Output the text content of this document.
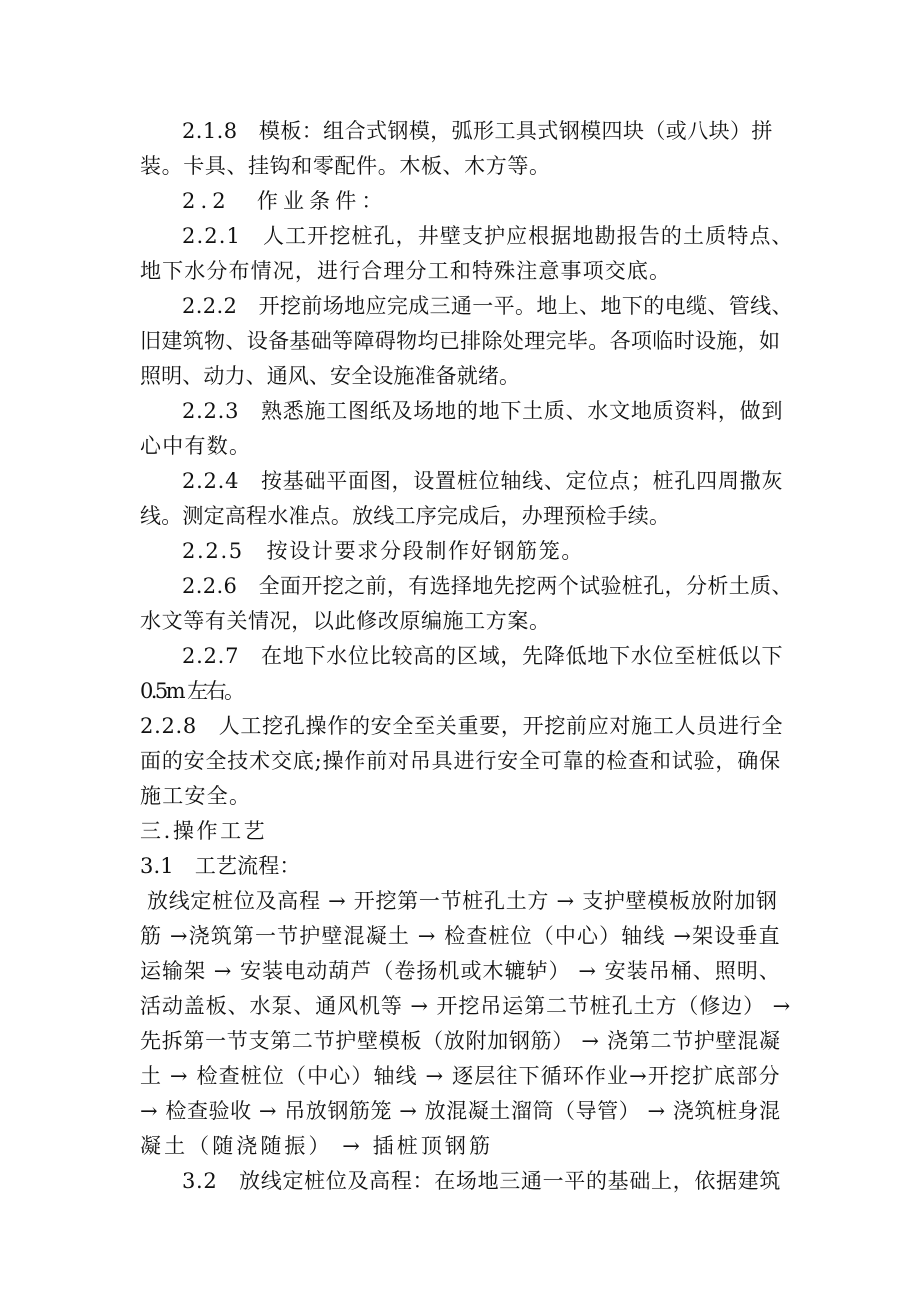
2.1.8　模板：组合式钢模，弧形工具式钢模四块（或八块）拼
装。卡具、挂钩和零配件。木板、木方等。
2.2　作业条件：
2.2.1　人工开挖桩孔，井壁支护应根据地勘报告的土质特点、
地下水分布情况，进行合理分工和特殊注意事项交底。
2.2.2　开挖前场地应完成三通一平。地上、地下的电缆、管线、
旧建筑物、设备基础等障碍物均已排除处理完毕。各项临时设施，如
照明、动力、通风、安全设施准备就绪。
2.2.3　熟悉施工图纸及场地的地下土质、水文地质资料，做到
心中有数。
2.2.4　按基础平面图，设置桩位轴线、定位点；桩孔四周撒灰
线。测定高程水准点。放线工序完成后，办理预检手续。
2.2.5　按设计要求分段制作好钢筋笼。
2.2.6　全面开挖之前，有选择地先挖两个试验桩孔，分析土质、
水文等有关情况，以此修改原编施工方案。
2.2.7　在地下水位比较高的区域，先降低地下水位至桩低以下
0.5m 左右。
2.2.8　人工挖孔操作的安全至关重要，开挖前应对施工人员进行全
面的安全技术交底;操作前对吊具进行安全可靠的检查和试验，确保
施工安全。
三.操作工艺
3.1　工艺流程：
放线定桩位及高程 → 开挖第一节桩孔土方 → 支护壁模板放附加钢
筋 →浇筑第一节护壁混凝土 → 检查桩位（中心）轴线 →架设垂直
运输架 → 安装电动葫芦（卷扬机或木辘轳） → 安装吊桶、照明、
活动盖板、水泵、通风机等 → 开挖吊运第二节桩孔土方（修边） →
先拆第一节支第二节护壁模板（放附加钢筋） → 浇第二节护壁混凝
土 → 检查桩位（中心）轴线 → 逐层往下循环作业→开挖扩底部分
→ 检查验收 → 吊放钢筋笼 → 放混凝土溜筒（导管） → 浇筑桩身混
凝土（随浇随振） → 插桩顶钢筋
3.2　放线定桩位及高程：在场地三通一平的基础上，依据建筑
